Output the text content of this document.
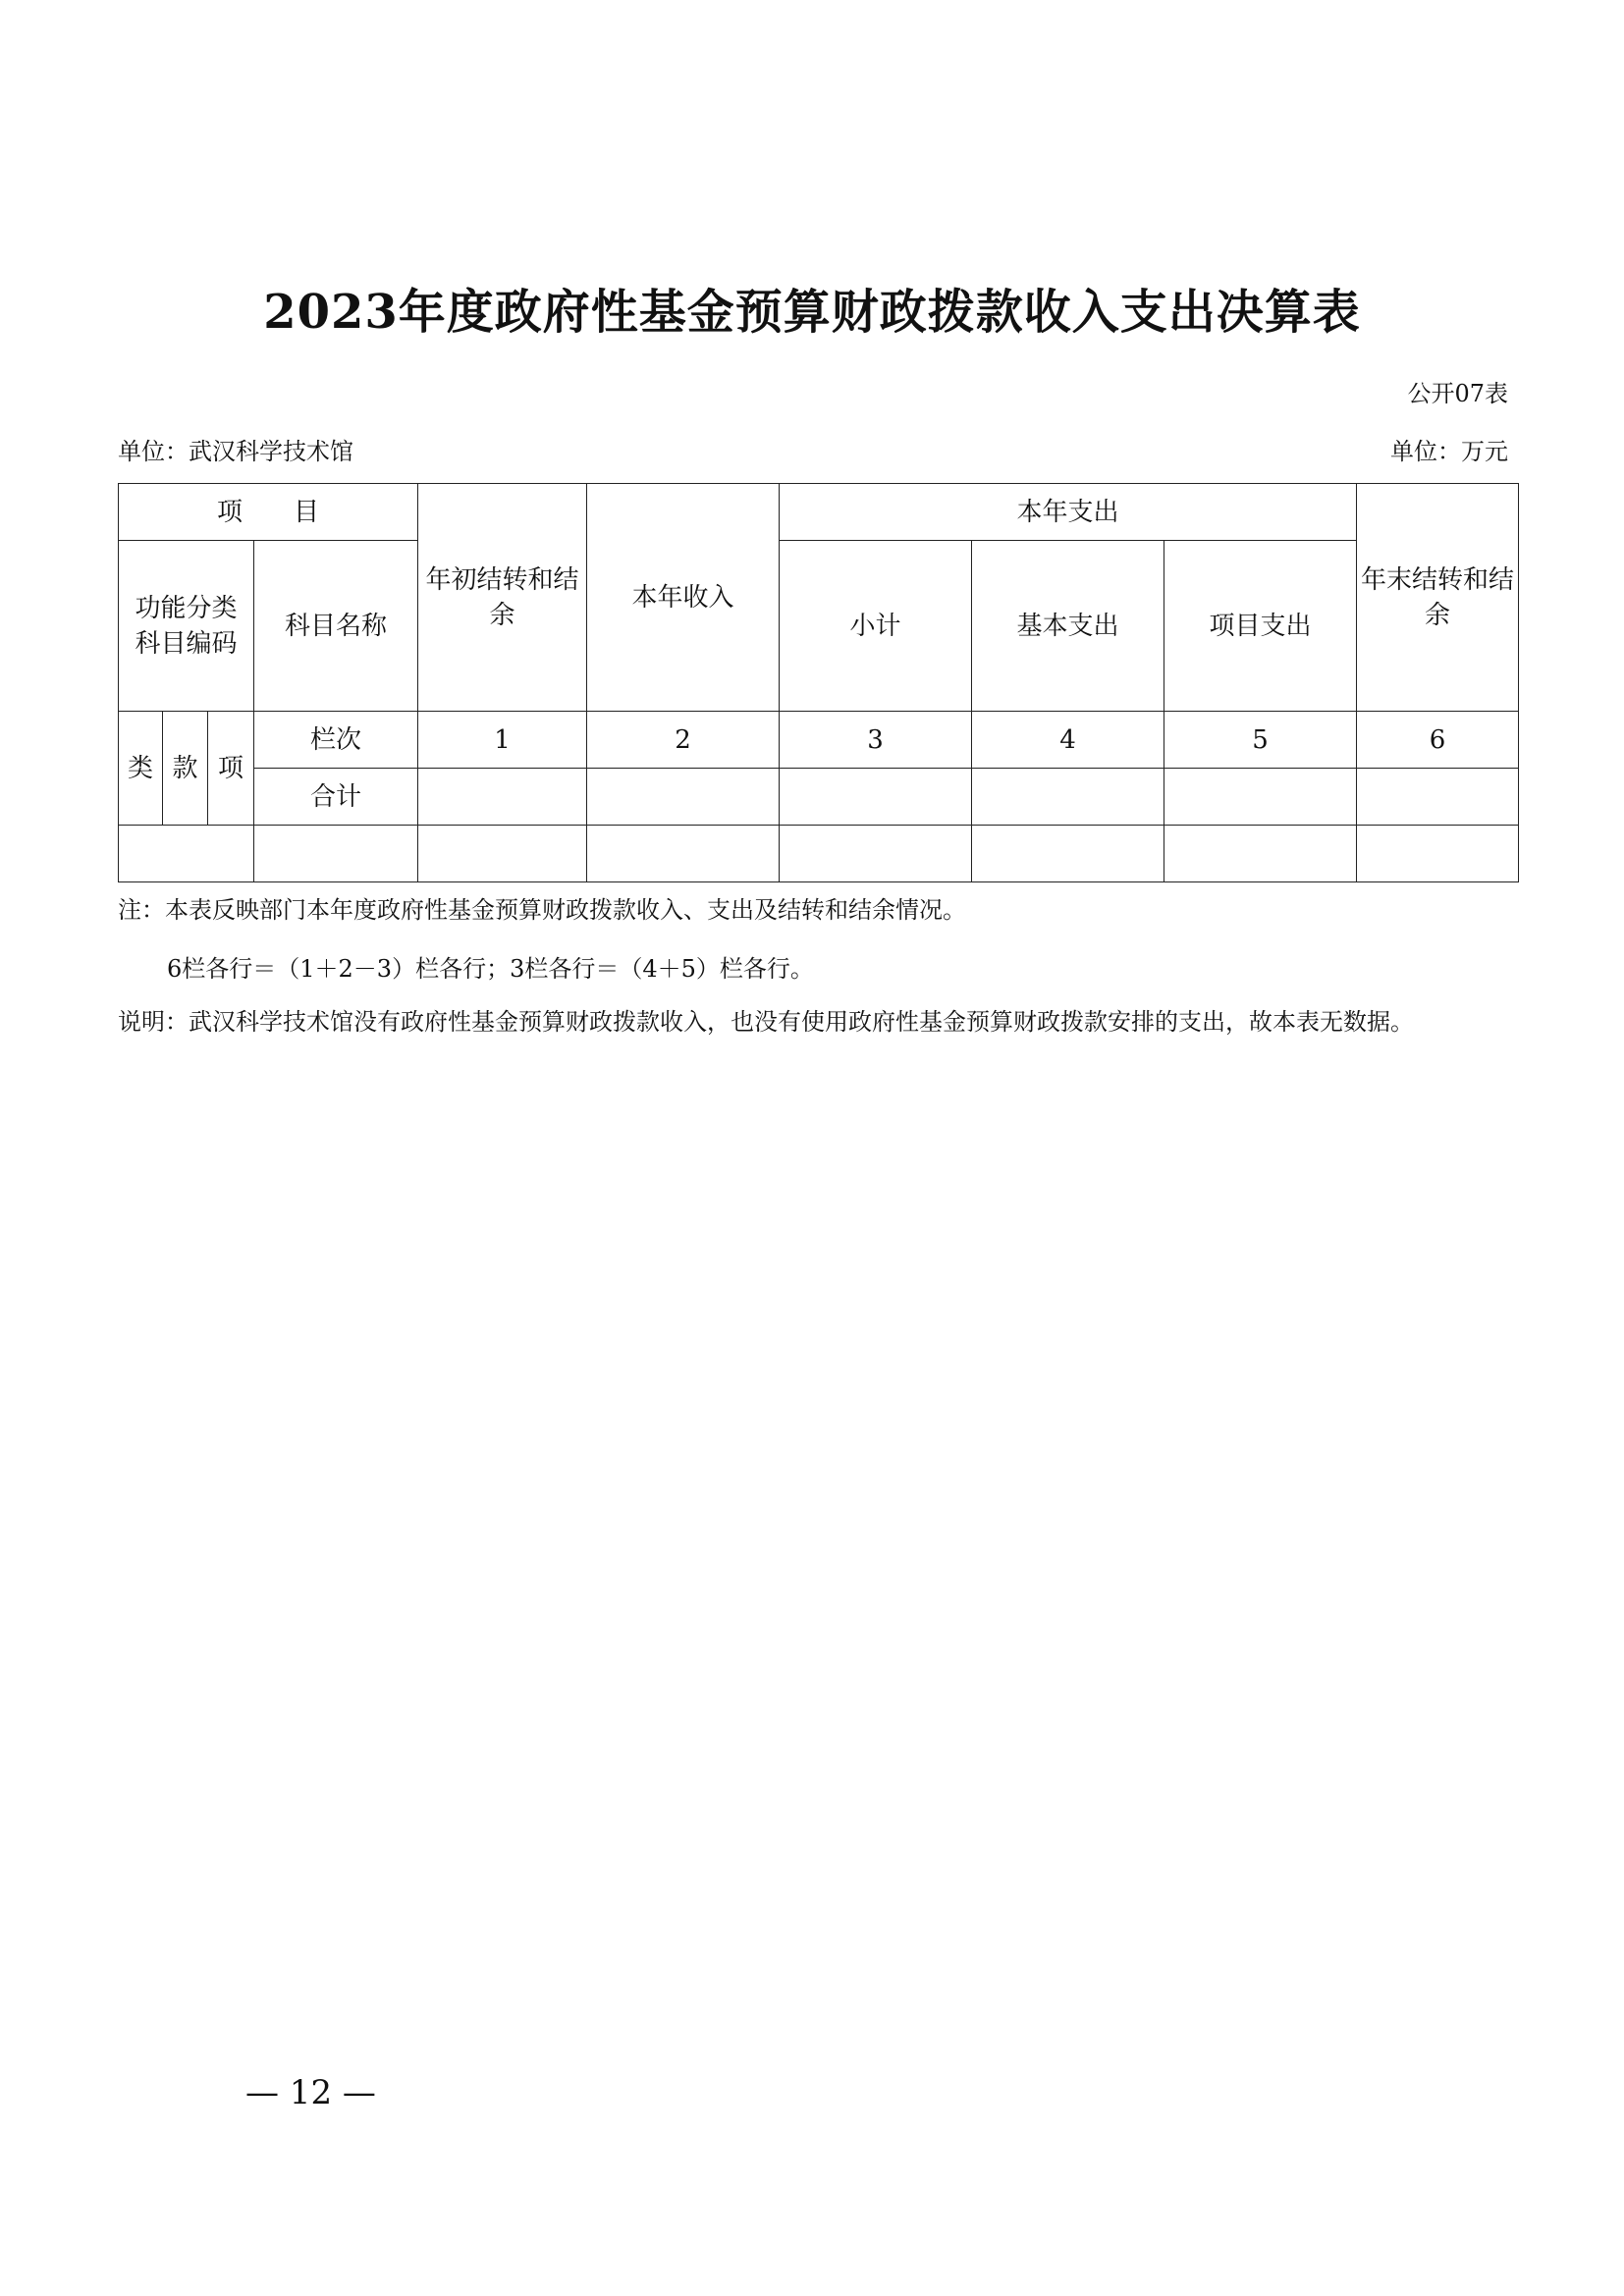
2023年度政府性基金预算财政拨款收入支出决算表
公开07表
单位：武汉科学技术馆	单位：万元
项　　目				年初结转和结余	本年收入	本年支出			年末结转和结余
功能分类科目编码			科目名称			小计	基本支出	项目支出	
类	款	项	栏次	1	2	3	4	5	6
			合计						

注：本表反映部门本年度政府性基金预算财政拨款收入、支出及结转和结余情况。
6栏各行＝（1＋2－3）栏各行；3栏各行＝（4＋5）栏各行。
说明：武汉科学技术馆没有政府性基金预算财政拨款收入，也没有使用政府性基金预算财政拨款安排的支出，故本表无数据。
— 12 —
